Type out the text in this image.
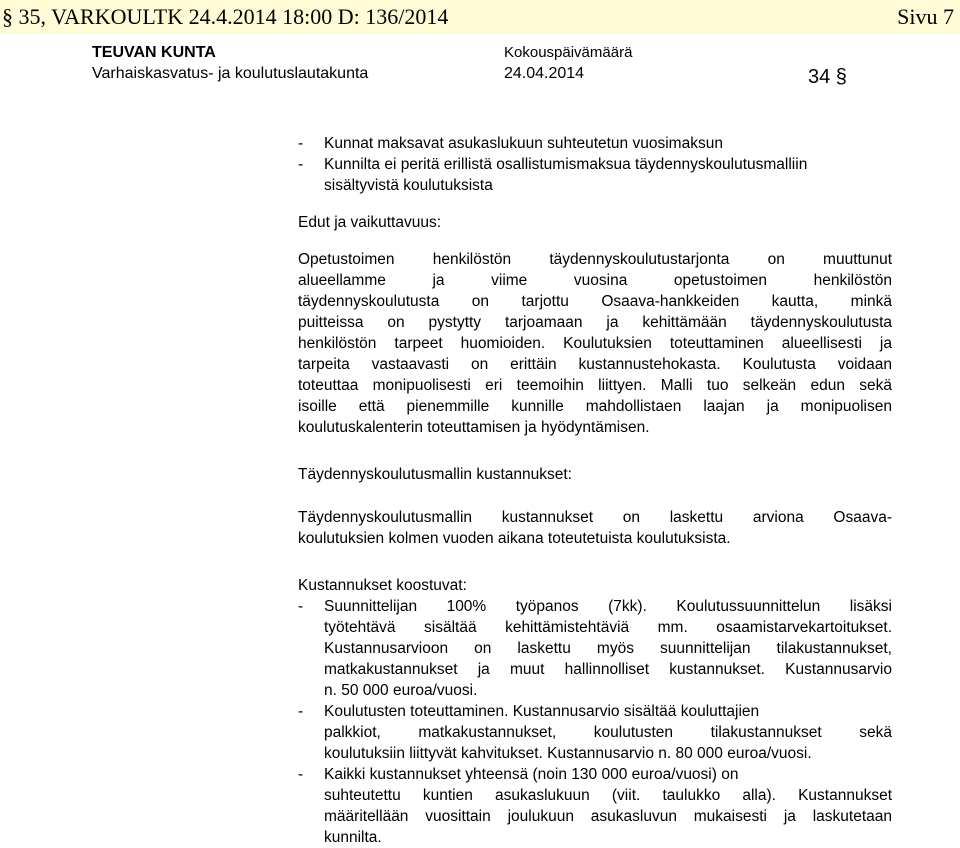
§ 35, VARKOULTK 24.4.2014 18:00 D: 136/2014	Sivu 7
TEUVAN KUNTA
Varhaiskasvatus- ja koulutuslautakunta
Kokouspäivämäärä
24.04.2014	34 §
- Kunnat maksavat asukaslukuun suhteutetun vuosimaksun
- Kunnilta ei peritä erillistä osallistumismaksua täydennyskoulutusmalliin
sisältyvistä koulutuksista
Edut ja vaikuttavuus:
Opetustoimen henkilöstön täydennyskoulutustarjonta on muuttunut
alueellamme ja viime vuosina opetustoimen henkilöstön
täydennyskoulutusta on tarjottu Osaava-hankkeiden kautta, minkä
puitteissa on pystytty tarjoamaan ja kehittämään täydennyskoulutusta
henkilöstön tarpeet huomioiden. Koulutuksien toteuttaminen alueellisesti ja
tarpeita vastaavasti on erittäin kustannustehokasta. Koulutusta voidaan
toteuttaa monipuolisesti eri teemoihin liittyen. Malli tuo selkeän edun sekä
isoille että pienemmille kunnille mahdollistaen laajan ja monipuolisen
koulutuskalenterin toteuttamisen ja hyödyntämisen.
Täydennyskoulutusmallin kustannukset:
Täydennyskoulutusmallin kustannukset on laskettu arviona Osaava-
koulutuksien kolmen vuoden aikana toteutetuista koulutuksista.
Kustannukset koostuvat:
- Suunnittelijan 100% työpanos (7kk). Koulutussuunnittelun lisäksi
työtehtävä sisältää kehittämistehtäviä mm. osaamistarvekartoitukset.
Kustannusarvioon on laskettu myös suunnittelijan tilakustannukset,
matkakustannukset ja muut hallinnolliset kustannukset. Kustannusarvio
n. 50 000 euroa/vuosi.
- Koulutusten toteuttaminen. Kustannusarvio sisältää kouluttajien
palkkiot, matkakustannukset, koulutusten tilakustannukset sekä
koulutuksiin liittyvät kahvitukset. Kustannusarvio n. 80 000 euroa/vuosi.
- Kaikki kustannukset yhteensä (noin 130 000 euroa/vuosi) on
suhteutettu kuntien asukaslukuun (viit. taulukko alla). Kustannukset
määritellään vuosittain joulukuun asukasluvun mukaisesti ja laskutetaan
kunnilta.
